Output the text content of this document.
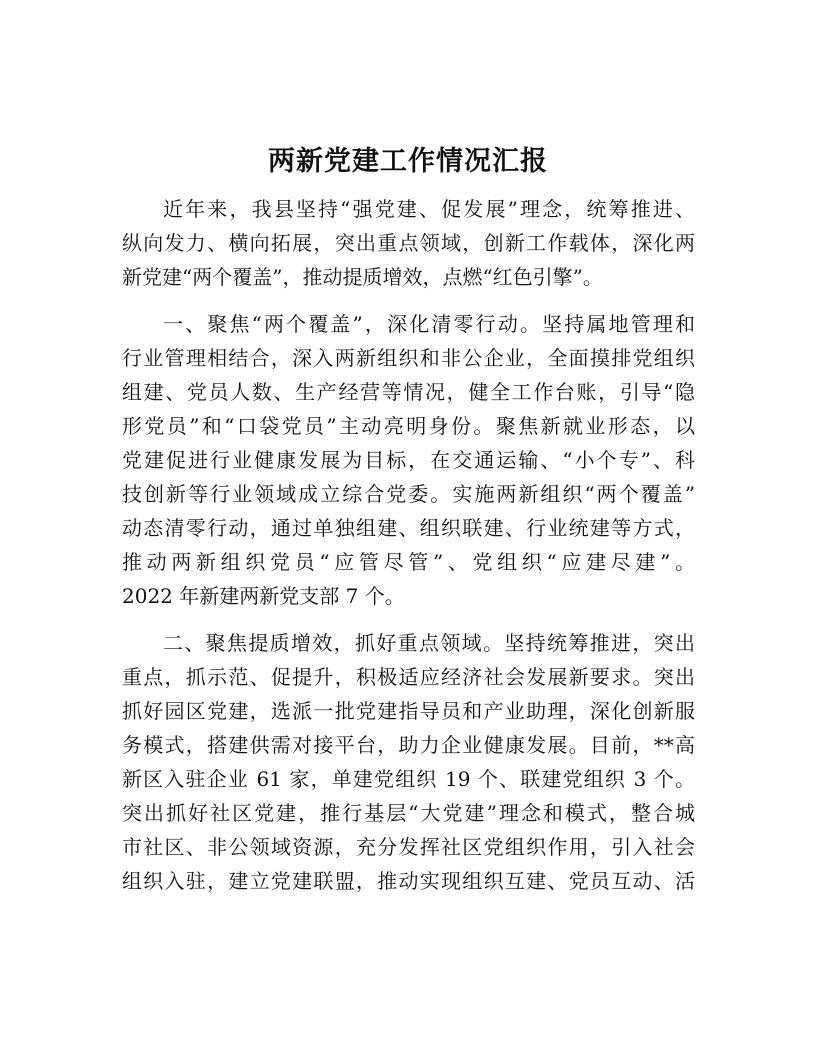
两新党建工作情况汇报
近年来，我县坚持“强党建、促发展”理念，统筹推进、
纵向发力、横向拓展，突出重点领域，创新工作载体，深化两
新党建“两个覆盖”，推动提质增效，点燃“红色引擎”。
一、聚焦“两个覆盖”，深化清零行动。坚持属地管理和
行业管理相结合，深入两新组织和非公企业，全面摸排党组织
组建、党员人数、生产经营等情况，健全工作台账，引导“隐
形党员”和“口袋党员”主动亮明身份。聚焦新就业形态，以
党建促进行业健康发展为目标，在交通运输、“小个专”、科
技创新等行业领域成立综合党委。实施两新组织“两个覆盖”
动态清零行动，通过单独组建、组织联建、行业统建等方式，
推动两新组织党员“应管尽管”、党组织“应建尽建”。
2022 年新建两新党支部 7 个。
二、聚焦提质增效，抓好重点领域。坚持统筹推进，突出
重点，抓示范、促提升，积极适应经济社会发展新要求。突出
抓好园区党建，选派一批党建指导员和产业助理，深化创新服
务模式，搭建供需对接平台，助力企业健康发展。目前，**高
新区入驻企业 61 家，单建党组织 19 个、联建党组织 3 个。
突出抓好社区党建，推行基层“大党建”理念和模式，整合城
市社区、非公领域资源，充分发挥社区党组织作用，引入社会
组织入驻，建立党建联盟，推动实现组织互建、党员互动、活
